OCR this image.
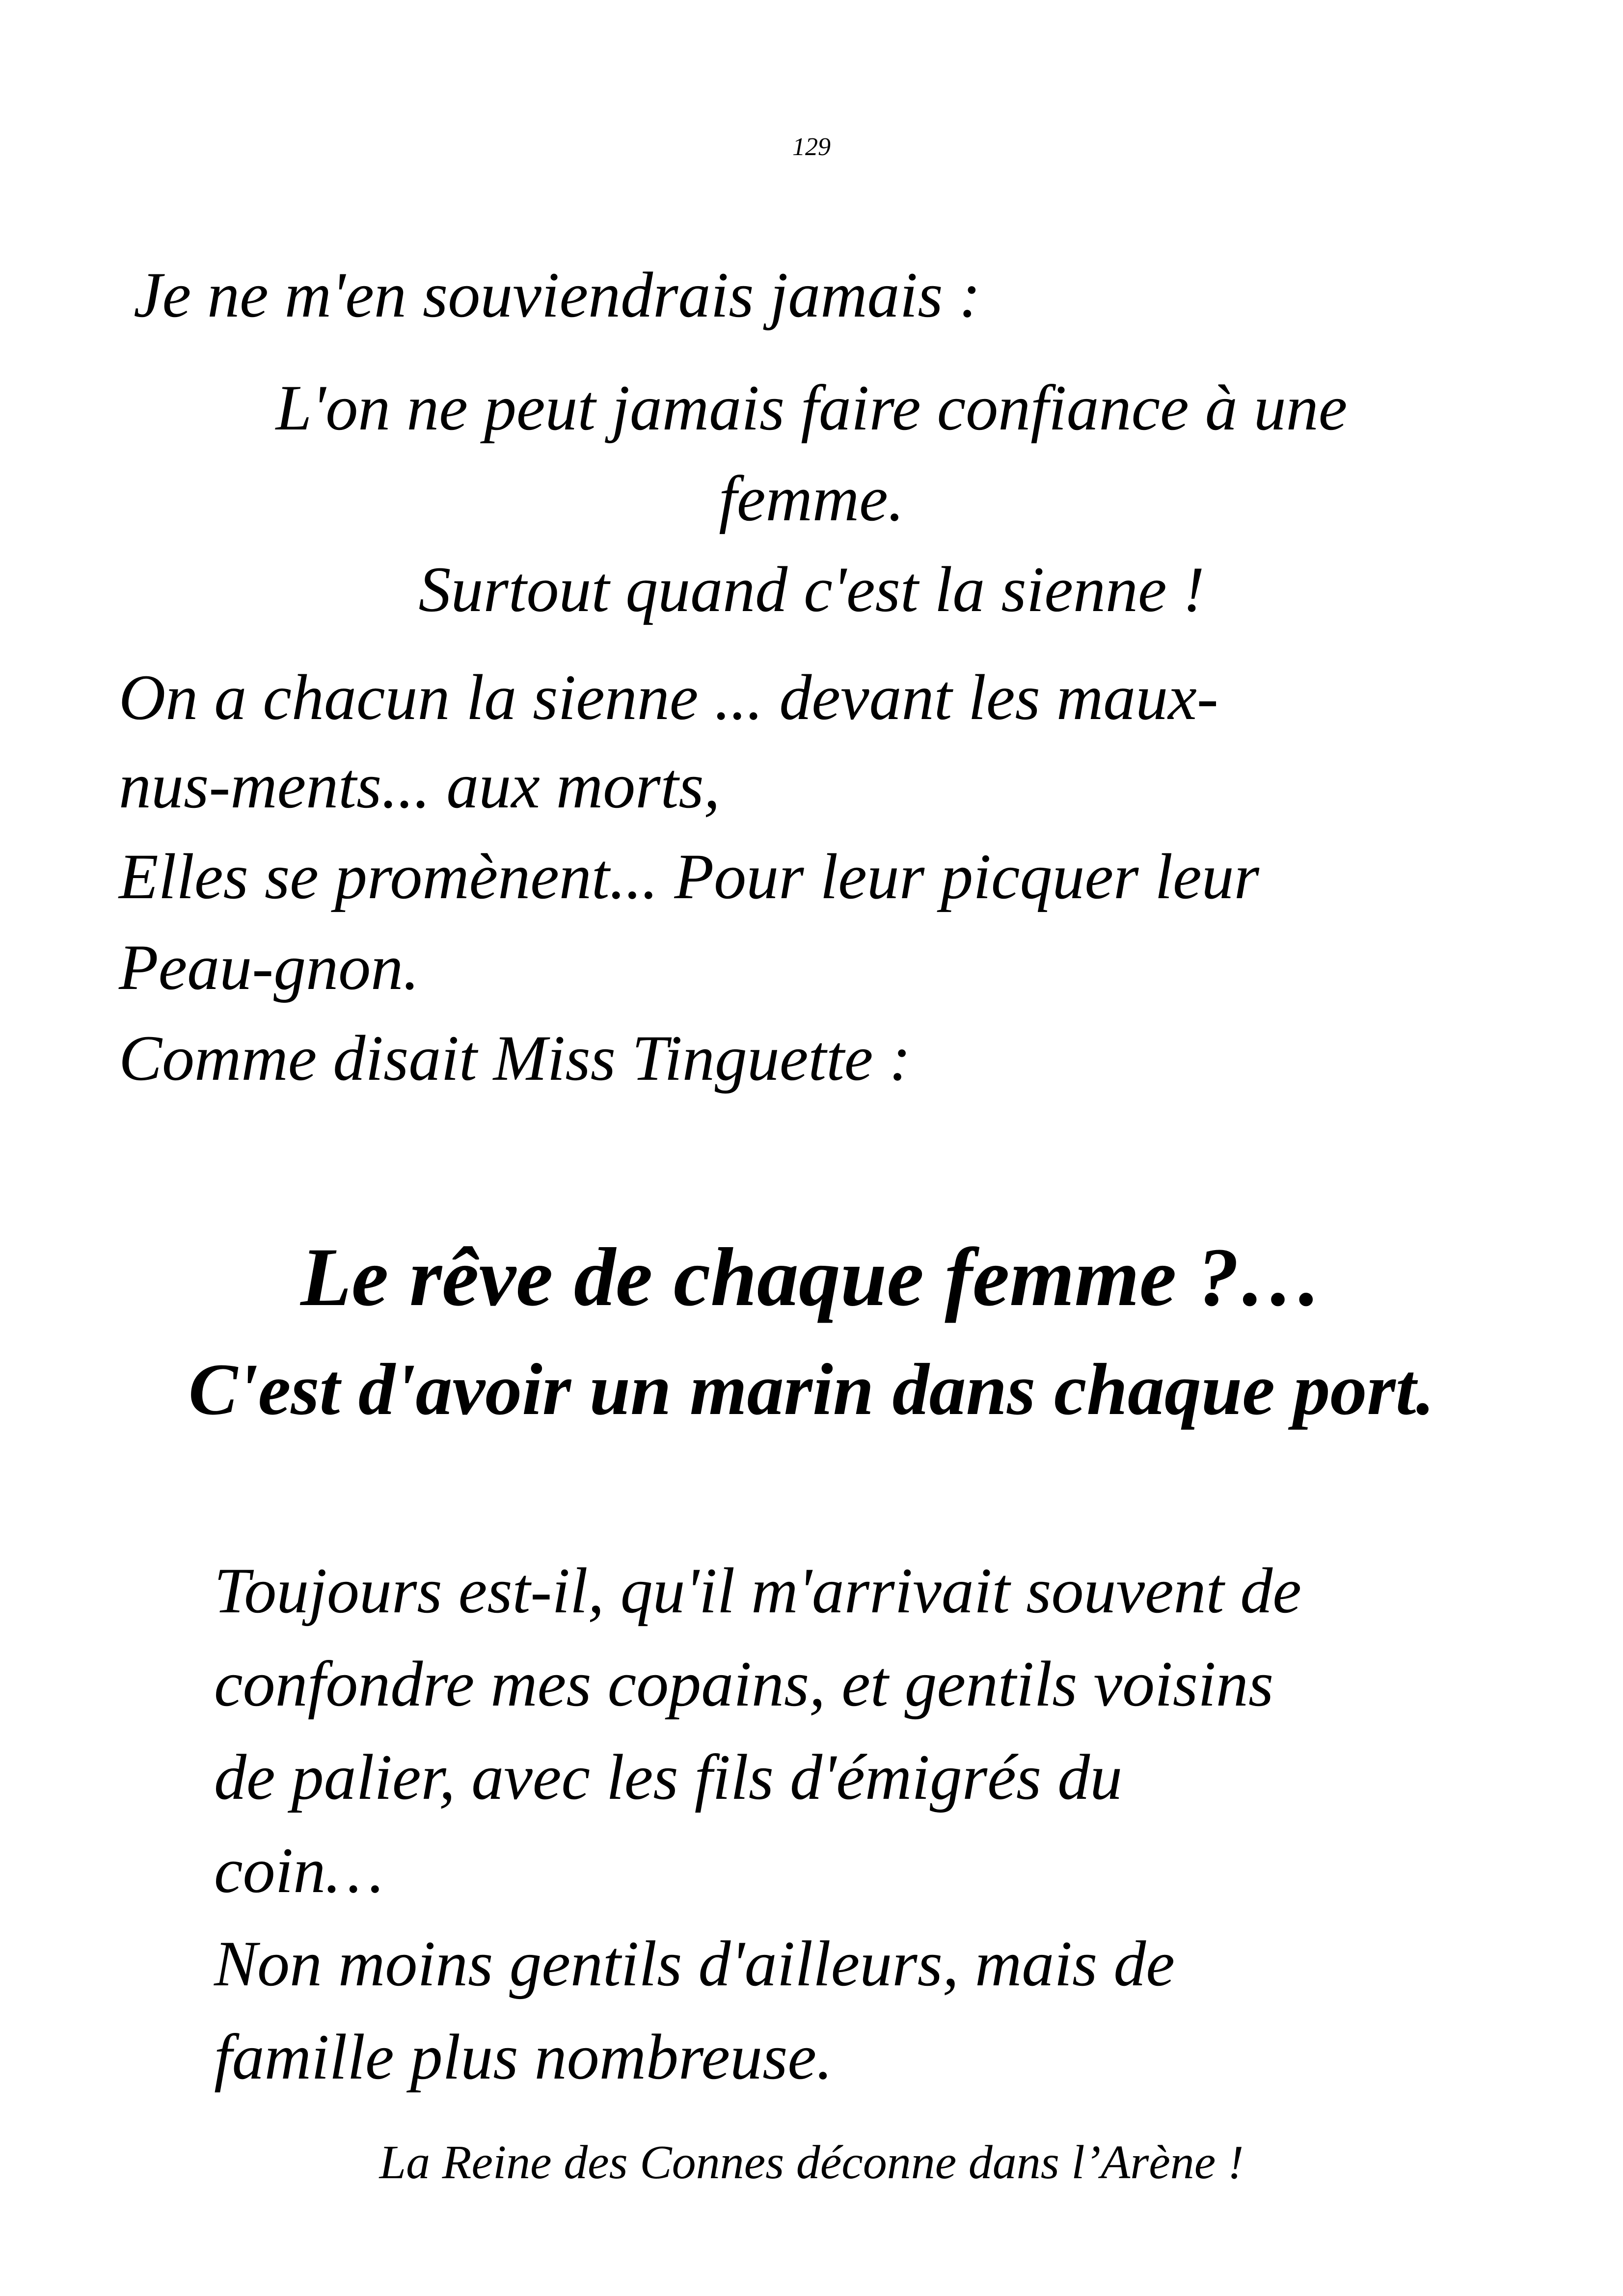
129
Je ne m'en souviendrais jamais :
L'on ne peut jamais faire confiance à une
femme.
Surtout quand c'est la sienne !
On a chacun la sienne ... devant les maux-
nus-ments... aux morts,
Elles se promènent... Pour leur picquer leur
Peau-gnon.
Comme disait Miss Tinguette :
Le rêve de chaque femme ?…
C'est d'avoir un marin dans chaque port.
Toujours est-il, qu'il m'arrivait souvent de
confondre mes copains, et gentils voisins
de palier, avec les fils d'émigrés du
coin…
Non moins gentils d'ailleurs, mais de
famille plus nombreuse.
La Reine des Connes déconne dans l’Arène !
